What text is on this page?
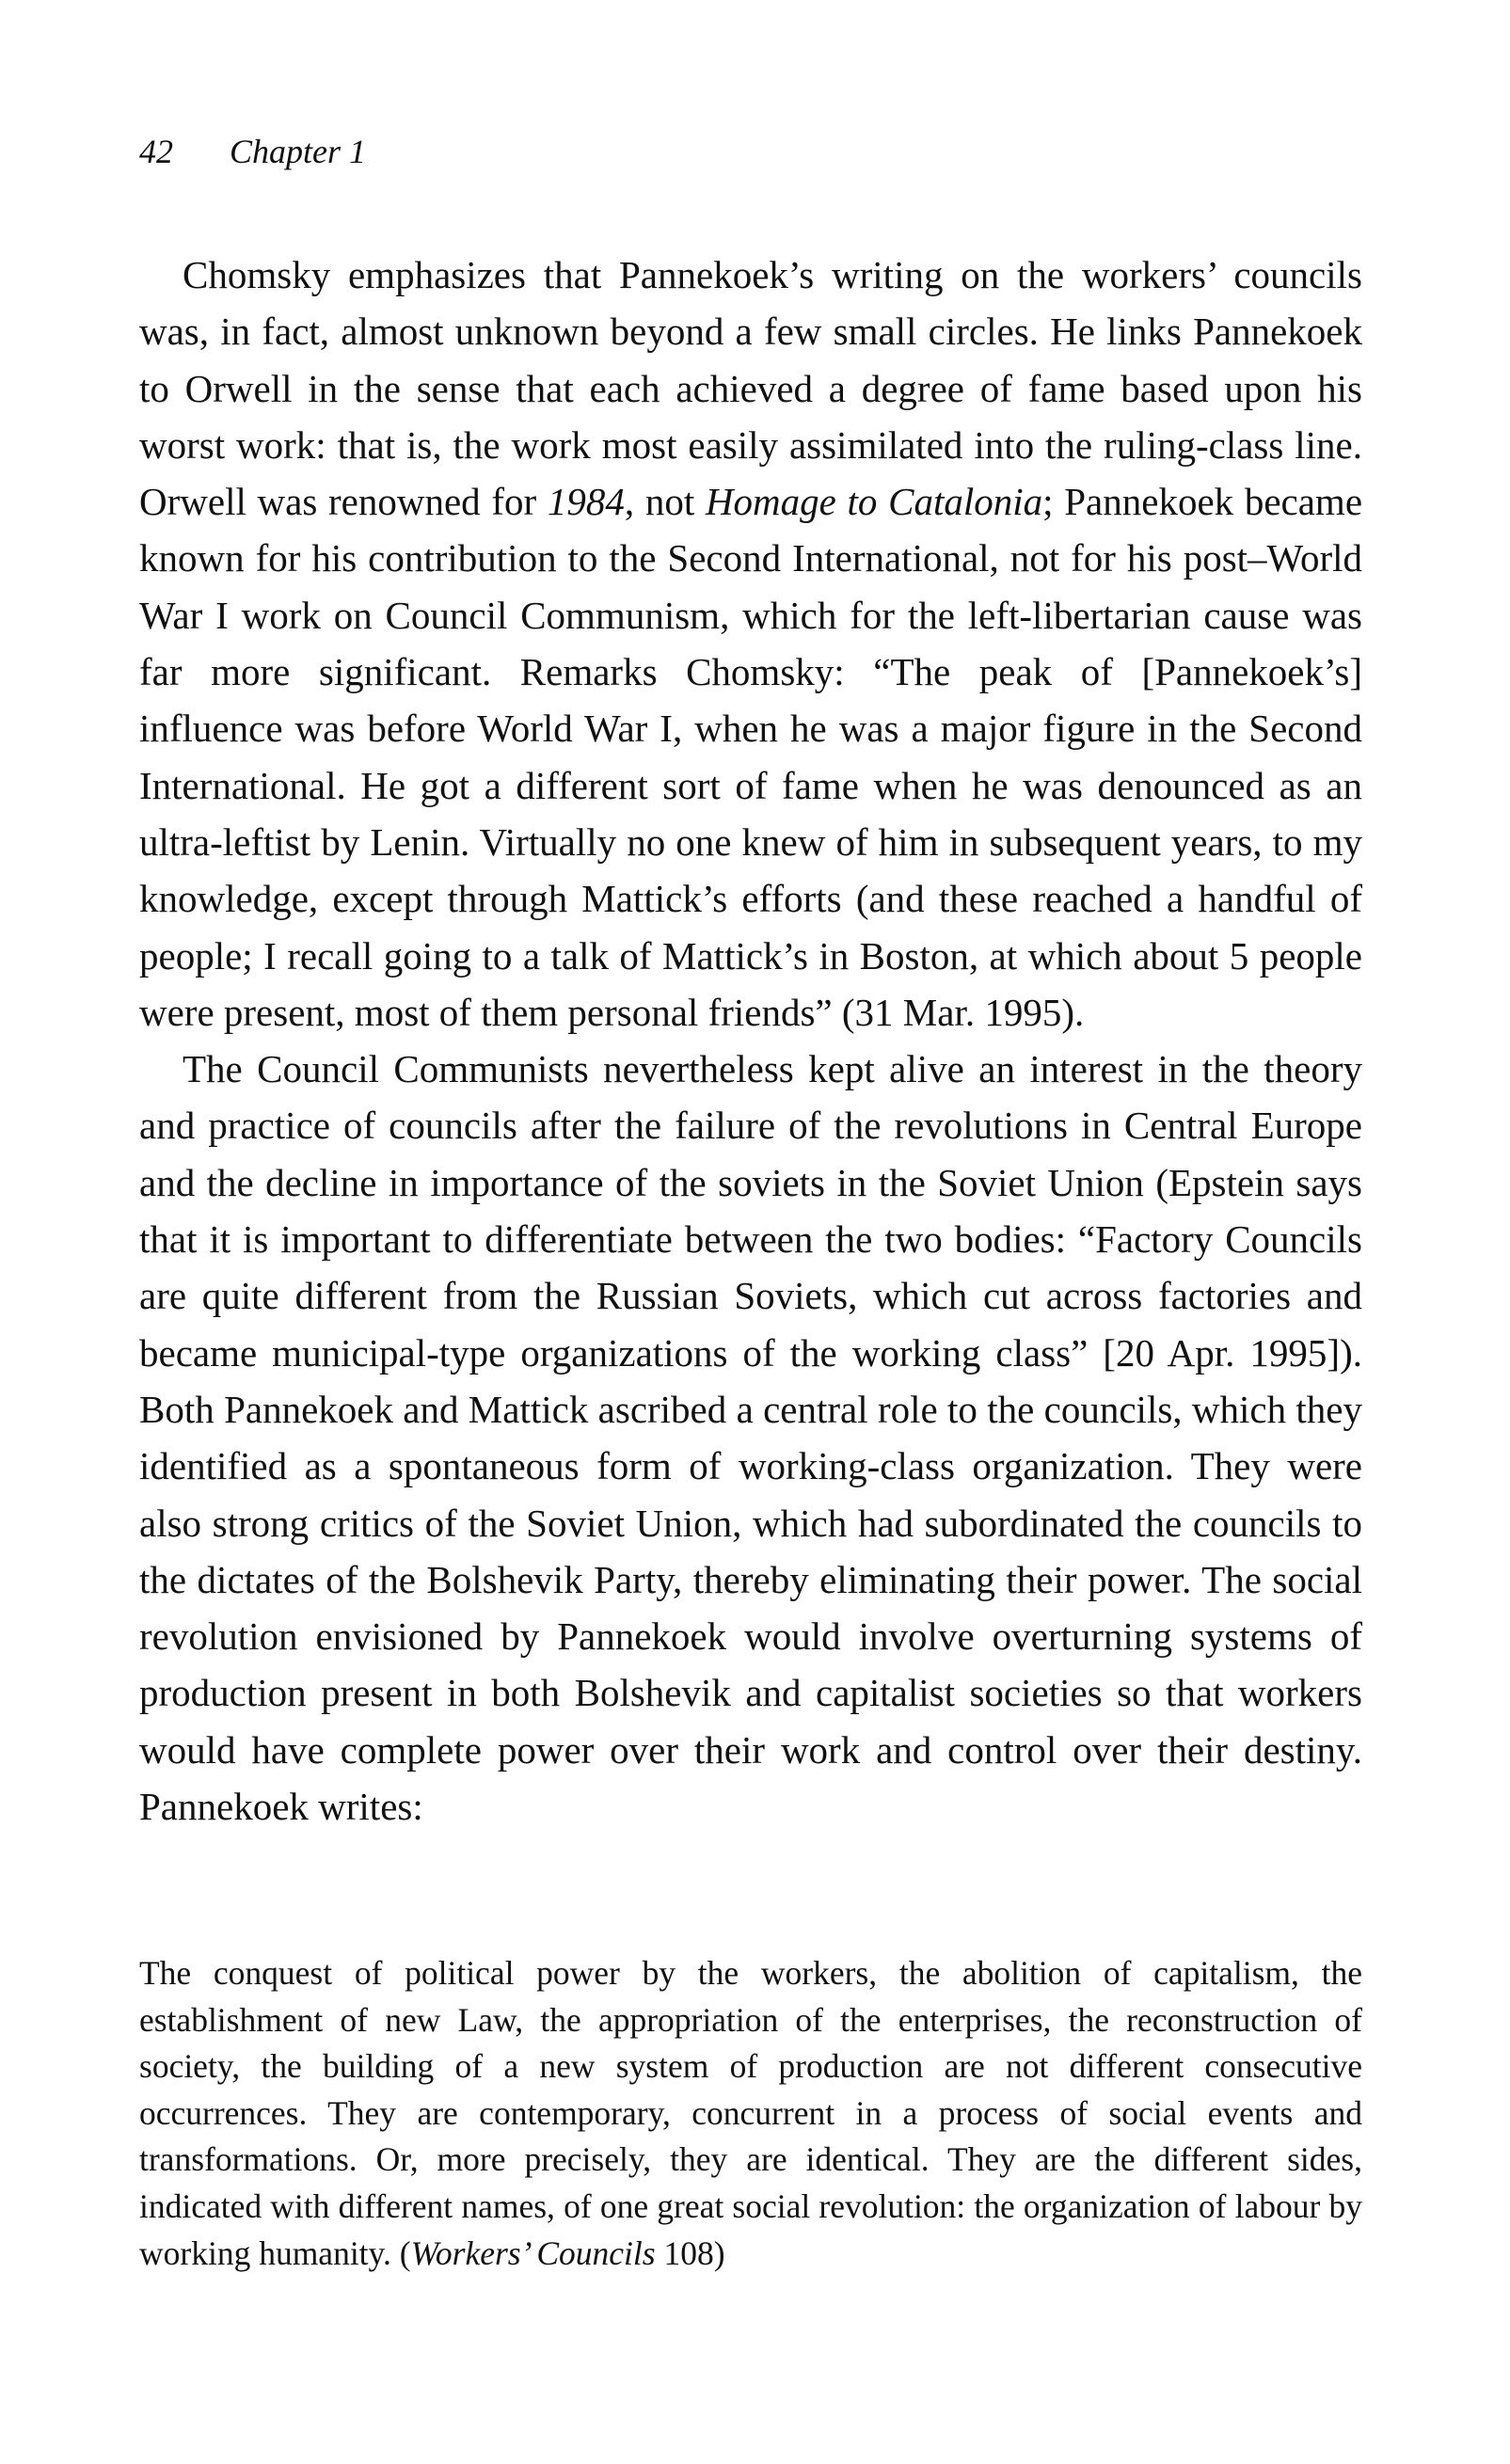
42 Chapter 1

Chomsky emphasizes that Pannekoek’s writing on the workers’ councils was, in fact, almost unknown beyond a few small circles. He links Pannekoek to Orwell in the sense that each achieved a degree of fame based upon his worst work: that is, the work most easily assimilated into the ruling-class line. Orwell was renowned for 1984, not Homage to Catalonia; Pannekoek became known for his contribution to the Second International, not for his post–World War I work on Council Communism, which for the left-libertarian cause was far more significant. Remarks Chomsky: “The peak of [Pannekoek’s] influence was before World War I, when he was a major figure in the Second International. He got a different sort of fame when he was denounced as an ultra-leftist by Lenin. Virtually no one knew of him in subsequent years, to my knowledge, except through Mattick’s efforts (and these reached a handful of people; I recall going to a talk of Mattick’s in Boston, at which about 5 people were present, most of them personal friends” (31 Mar. 1995).

The Council Communists nevertheless kept alive an interest in the theory and practice of councils after the failure of the revolutions in Central Europe and the decline in importance of the soviets in the Soviet Union (Epstein says that it is important to differentiate between the two bodies: “Factory Councils are quite different from the Russian Soviets, which cut across factories and became municipal-type organizations of the working class” [20 Apr. 1995]). Both Pannekoek and Mattick ascribed a central role to the councils, which they identified as a spontaneous form of working-class organization. They were also strong critics of the Soviet Union, which had subordinated the councils to the dictates of the Bolshevik Party, thereby eliminating their power. The social revolution envisioned by Pannekoek would involve overturning systems of production present in both Bolshevik and capitalist societies so that workers would have complete power over their work and control over their destiny. Pannekoek writes:

The conquest of political power by the workers, the abolition of capitalism, the establishment of new Law, the appropriation of the enterprises, the reconstruction of society, the building of a new system of production are not different consecutive occurrences. They are contemporary, concurrent in a process of social events and transformations. Or, more precisely, they are identical. They are the different sides, indicated with different names, of one great social revolution: the organization of labour by working humanity. (Workers’ Councils 108)
